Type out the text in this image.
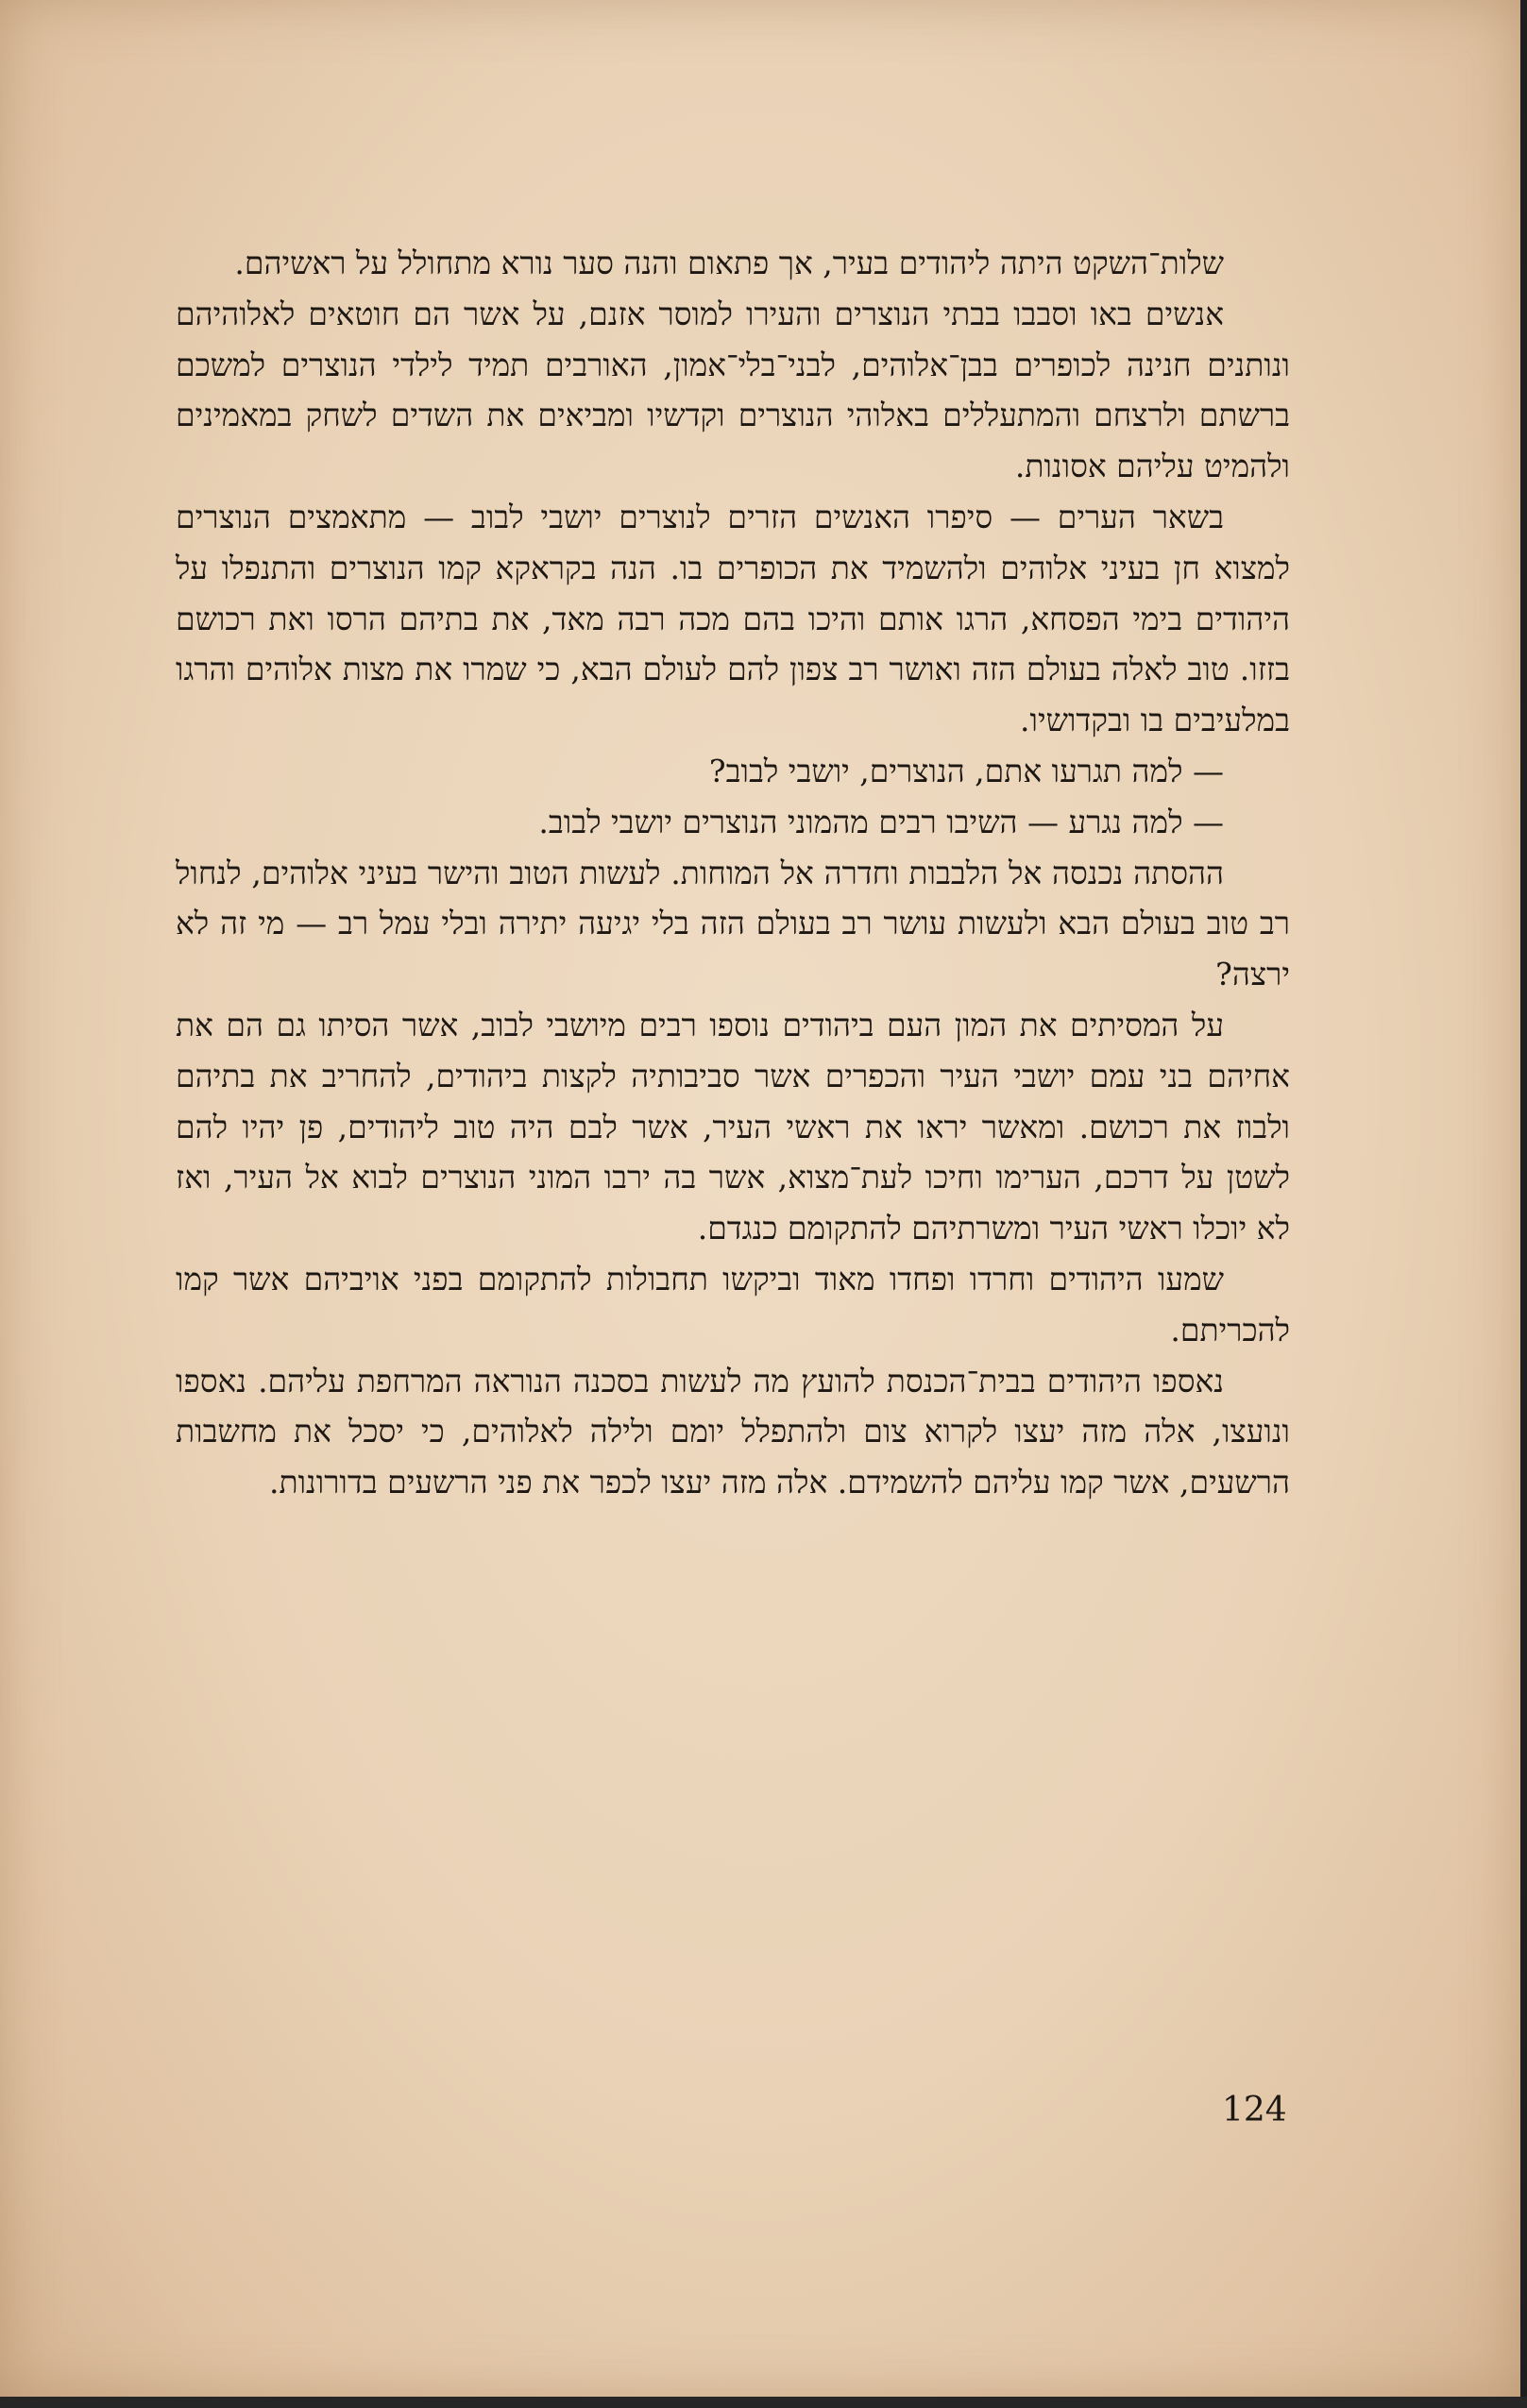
שלות־השקט היתה ליהודים בעיר, אך פתאום והנה סער נורא מתחולל על ראשיהם.

אנשים באו וסבבו בבתי הנוצרים והעירו למוסר אזנם, על אשר הם חוטאים לאלוהיהם ונותנים חנינה לכופרים בבן־אלוהים, לבני־בלי־אמון, האורבים תמיד לילדי הנוצרים למשכם ברשתם ולרצחם והמתעללים באלוהי הנוצרים וקדשיו ומביאים את השדים לשחק במאמינים ולהמיט עליהם אסונות.

בשאר הערים — סיפרו האנשים הזרים לנוצרים יושבי לבוב — מתאמצים הנוצרים למצוא חן בעיני אלוהים ולהשמיד את הכופרים בו. הנה בקראקא קמו הנוצרים והתנפלו על היהודים בימי הפסחא, הרגו אותם והיכו בהם מכה רבה מאד, את בתיהם הרסו ואת רכושם בזזו. טוב לאלה בעולם הזה ואושר רב צפון להם לעולם הבא, כי שמרו את מצות אלוהים והרגו במלעיבים בו ובקדושיו.

— למה תגרעו אתם, הנוצרים, יושבי לבוב?

— למה נגרע — השיבו רבים מהמוני הנוצרים יושבי לבוב.

ההסתה נכנסה אל הלבבות וחדרה אל המוחות. לעשות הטוב והישר בעיני אלוהים, לנחול רב טוב בעולם הבא ולעשות עושר רב בעולם הזה בלי יגיעה יתירה ובלי עמל רב — מי זה לא ירצה?

על המסיתים את המון העם ביהודים נוספו רבים מיושבי לבוב, אשר הסיתו גם הם את אחיהם בני עמם יושבי העיר והכפרים אשר סביבותיה לקצות ביהודים, להחריב את בתיהם ולבוז את רכושם. ומאשר יראו את ראשי העיר, אשר לבם היה טוב ליהודים, פן יהיו להם לשטן על דרכם, הערימו וחיכו לעת־מצוא, אשר בה ירבו המוני הנוצרים לבוא אל העיר, ואז לא יוכלו ראשי העיר ומשרתיהם להתקומם כנגדם.

שמעו היהודים וחרדו ופחדו מאוד וביקשו תחבולות להתקומם בפני אויביהם אשר קמו להכריתם.

נאספו היהודים בבית־הכנסת להועץ מה לעשות בסכנה הנוראה המרחפת עליהם. נאספו ונועצו, אלה מזה יעצו לקרוא צום ולהתפלל יומם ולילה לאלוהים, כי יסכל את מחשבות הרשעים, אשר קמו עליהם להשמידם. אלה מזה יעצו לכפר את פני הרשעים בדורונות.

124
